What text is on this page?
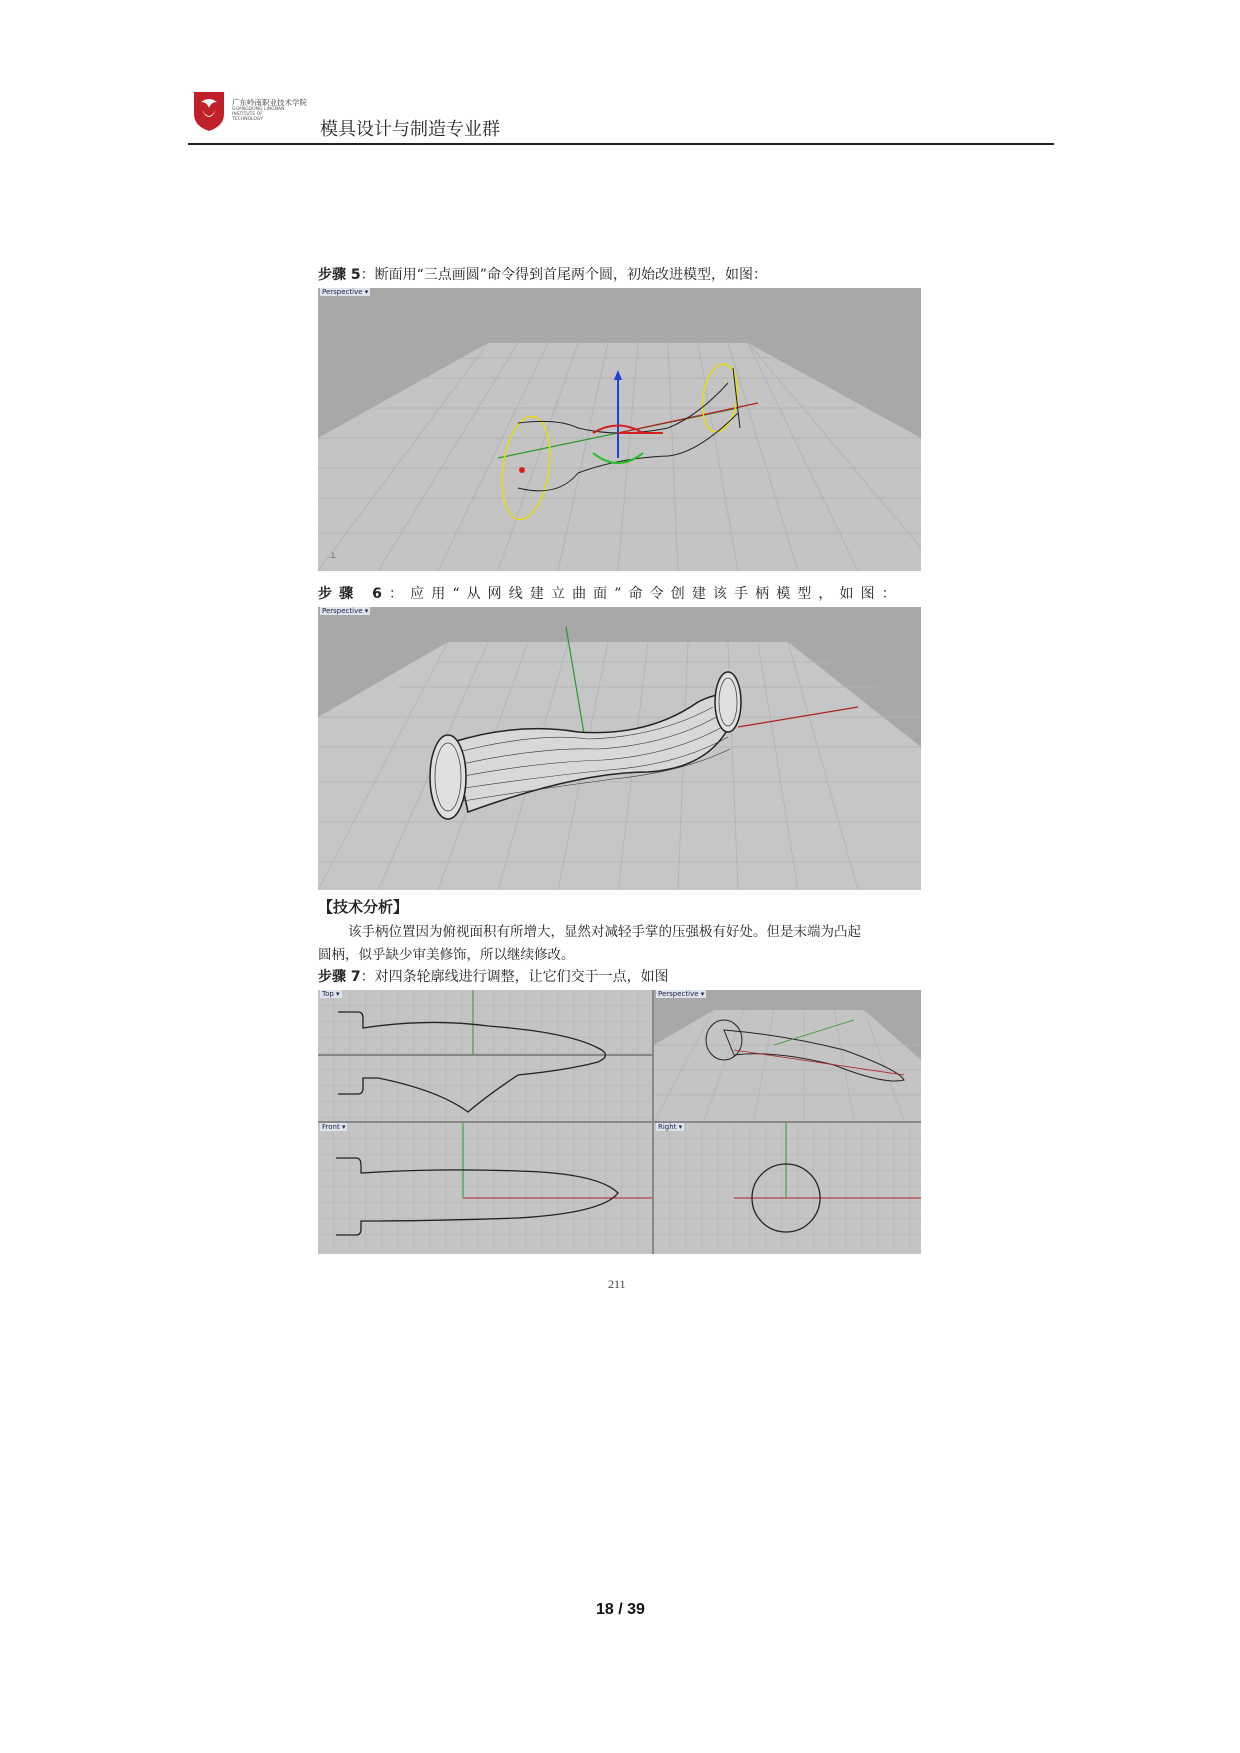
广东岭南职业技术学院
GUANGDONG LINGNAN INSTITUTE OF TECHNOLOGY	模具设计与制造专业群
步骤 5：断面用“三点画圆”命令得到首尾两个圆，初始改进模型，如图：
⟂
Perspective ▾
步骤 6：应用“从网线建立曲面”命令创建该手柄模型，如图：
Perspective ▾
【技术分析】
该手柄位置因为俯视面积有所增大，显然对减轻手掌的压强极有好处。但是末端为凸起
圆柄，似乎缺少审美修饰，所以继续修改。
步骤 7：对四条轮廓线进行调整，让它们交于一点，如图
Top ▾	Perspective ▾
Front ▾	Right ▾
211
18 / 39
